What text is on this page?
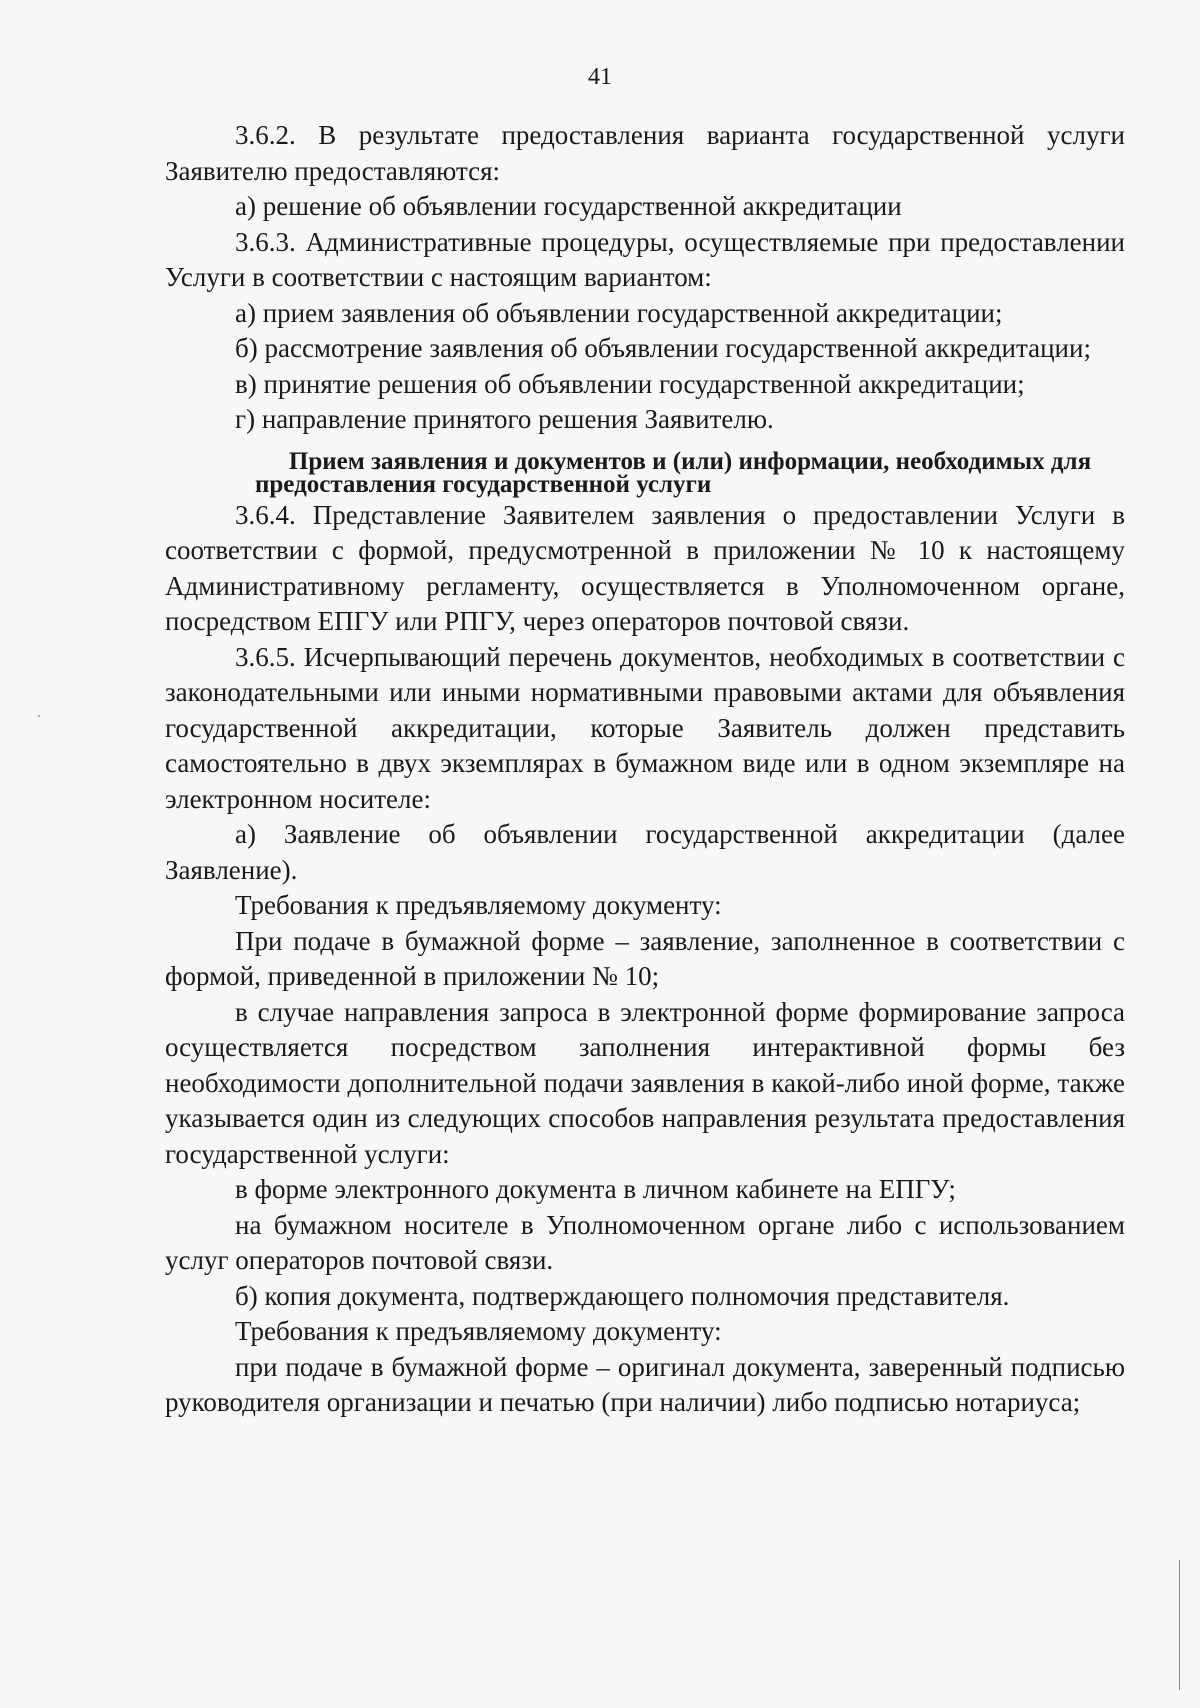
41

3.6.2. В результате предоставления варианта государственной услуги Заявителю предоставляются:

а) решение об объявлении государственной аккредитации

3.6.3. Административные процедуры, осуществляемые при предоставлении Услуги в соответствии с настоящим вариантом:

а) прием заявления об объявлении государственной аккредитации;

б) рассмотрение заявления об объявлении государственной аккредитации;

в) принятие решения об объявлении государственной аккредитации;

г) направление принятого решения Заявителю.

Прием заявления и документов и (или) информации, необходимых для предоставления государственной услуги

3.6.4. Представление Заявителем заявления о предоставлении Услуги в соответствии с формой, предусмотренной в приложении № 10 к настоящему Административному регламенту, осуществляется в Уполномоченном органе, посредством ЕПГУ или РПГУ, через операторов почтовой связи.

3.6.5. Исчерпывающий перечень документов, необходимых в соответствии с законодательными или иными нормативными правовыми актами для объявления государственной аккредитации, которые Заявитель должен представить самостоятельно в двух экземплярах в бумажном виде или в одном экземпляре на электронном носителе:

а) Заявление об объявлении государственной аккредитации (далее Заявление).

Требования к предъявляемому документу:

При подаче в бумажной форме – заявление, заполненное в соответствии с формой, приведенной в приложении № 10;

в случае направления запроса в электронной форме формирование запроса осуществляется посредством заполнения интерактивной формы без необходимости дополнительной подачи заявления в какой-либо иной форме, также указывается один из следующих способов направления результата предоставления государственной услуги:

в форме электронного документа в личном кабинете на ЕПГУ;

на бумажном носителе в Уполномоченном органе либо с использованием услуг операторов почтовой связи.

б) копия документа, подтверждающего полномочия представителя.

Требования к предъявляемому документу:

при подаче в бумажной форме – оригинал документа, заверенный подписью руководителя организации и печатью (при наличии) либо подписью нотариуса;
